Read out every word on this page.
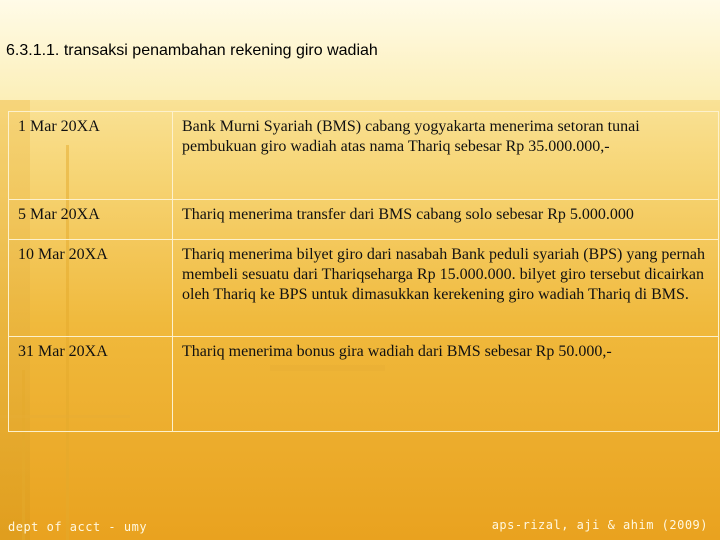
6.3.1.1. transaksi penambahan rekening giro wadiah
1 Mar 20XA	Bank Murni Syariah (BMS) cabang yogyakarta menerima setoran tunai pembukuan giro wadiah atas nama Thariq sebesar Rp 35.000.000,-
5 Mar 20XA	Thariq menerima transfer dari BMS cabang solo sebesar Rp 5.000.000
10 Mar 20XA	Thariq menerima bilyet giro dari nasabah Bank peduli syariah (BPS) yang pernah membeli sesuatu dari Thariqseharga Rp 15.000.000. bilyet giro tersebut dicairkan oleh Thariq ke BPS untuk dimasukkan kerekening giro wadiah Thariq di BMS.
31 Mar 20XA	Thariq menerima bonus gira wadiah dari BMS sebesar Rp 50.000,-
dept of acct - umy	aps-rizal, aji & ahim (2009)
